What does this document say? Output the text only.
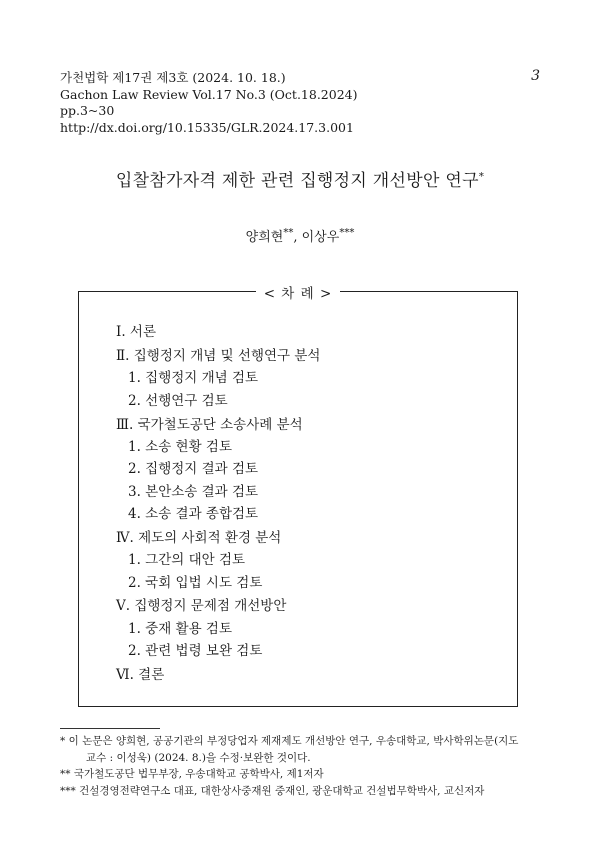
가천법학 제17권 제3호 (2024. 10. 18.)
Gachon Law Review Vol.17 No.3 (Oct.18.2024)
pp.3~30
http://dx.doi.org/10.15335/GLR.2024.17.3.001
3
입찰참가자격 제한 관련 집행정지 개선방안 연구*
양희현**, 이상우***
< 차 례 >
Ⅰ. 서론
Ⅱ. 집행정지 개념 및 선행연구 분석
1. 집행정지 개념 검토
2. 선행연구 검토
Ⅲ. 국가철도공단 소송사례 분석
1. 소송 현황 검토
2. 집행정지 결과 검토
3. 본안소송 결과 검토
4. 소송 결과 종합검토
Ⅳ. 제도의 사회적 환경 분석
1. 그간의 대안 검토
2. 국회 입법 시도 검토
Ⅴ. 집행정지 문제점 개선방안
1. 중재 활용 검토
2. 관련 법령 보완 검토
Ⅵ. 결론
* 이 논문은 양희현, 공공기관의 부정당업자 제재제도 개선방안 연구, 우송대학교, 박사학위논문(지도
교수 : 이성욱) (2024. 8.)을 수정·보완한 것이다.
** 국가철도공단 법무부장, 우송대학교 공학박사, 제1저자
*** 건설경영전략연구소 대표, 대한상사중재원 중재인, 광운대학교 건설법무학박사, 교신저자
